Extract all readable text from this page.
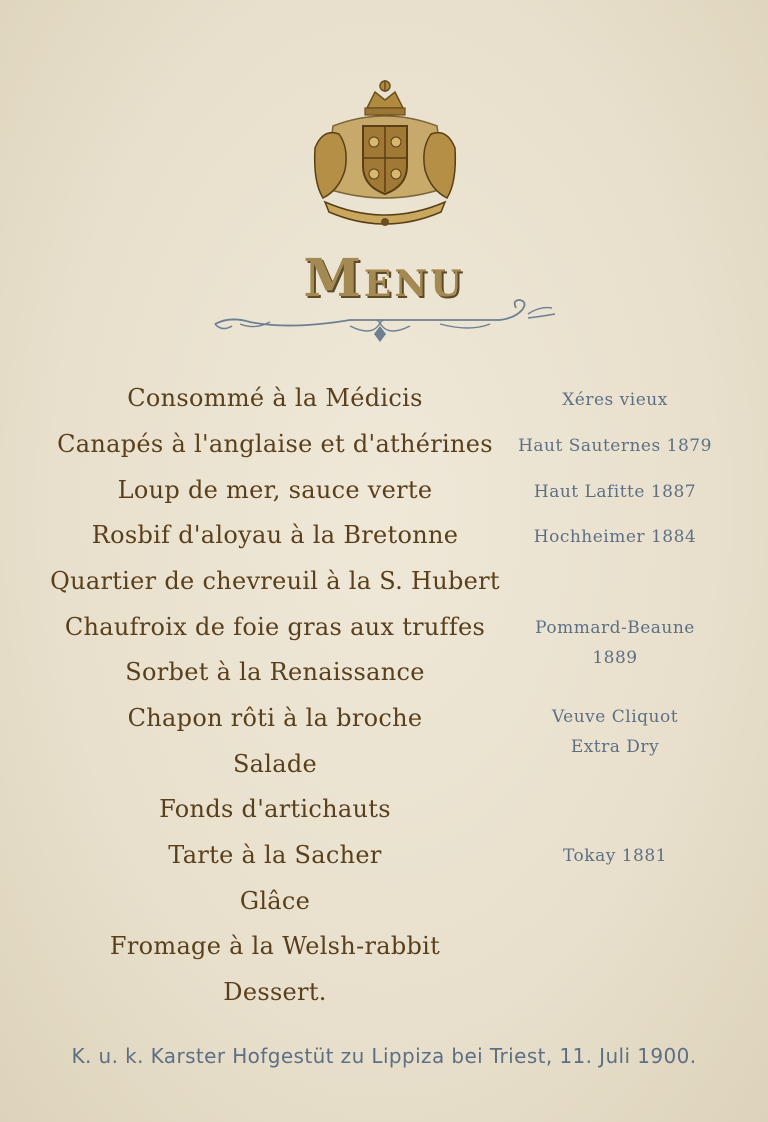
Menu
Consommé à la Médicis
Canapés à l'anglaise et d'athérines
Loup de mer, sauce verte
Rosbif d'aloyau à la Bretonne
Quartier de chevreuil à la S. Hubert
Chaufroix de foie gras aux truffes
Sorbet à la Renaissance
Chapon rôti à la broche
Salade
Fonds d'artichauts
Tarte à la Sacher
Glâce
Fromage à la Welsh-rabbit
Dessert.
Xéres vieux
Haut Sauternes 1879
Haut Lafitte 1887
Hochheimer 1884
Pommard-Beaune
1889
Veuve Cliquot
Extra Dry
Tokay 1881
K. u. k. Karster Hofgestüt zu Lippiza bei Triest, 11. Juli 1900.
